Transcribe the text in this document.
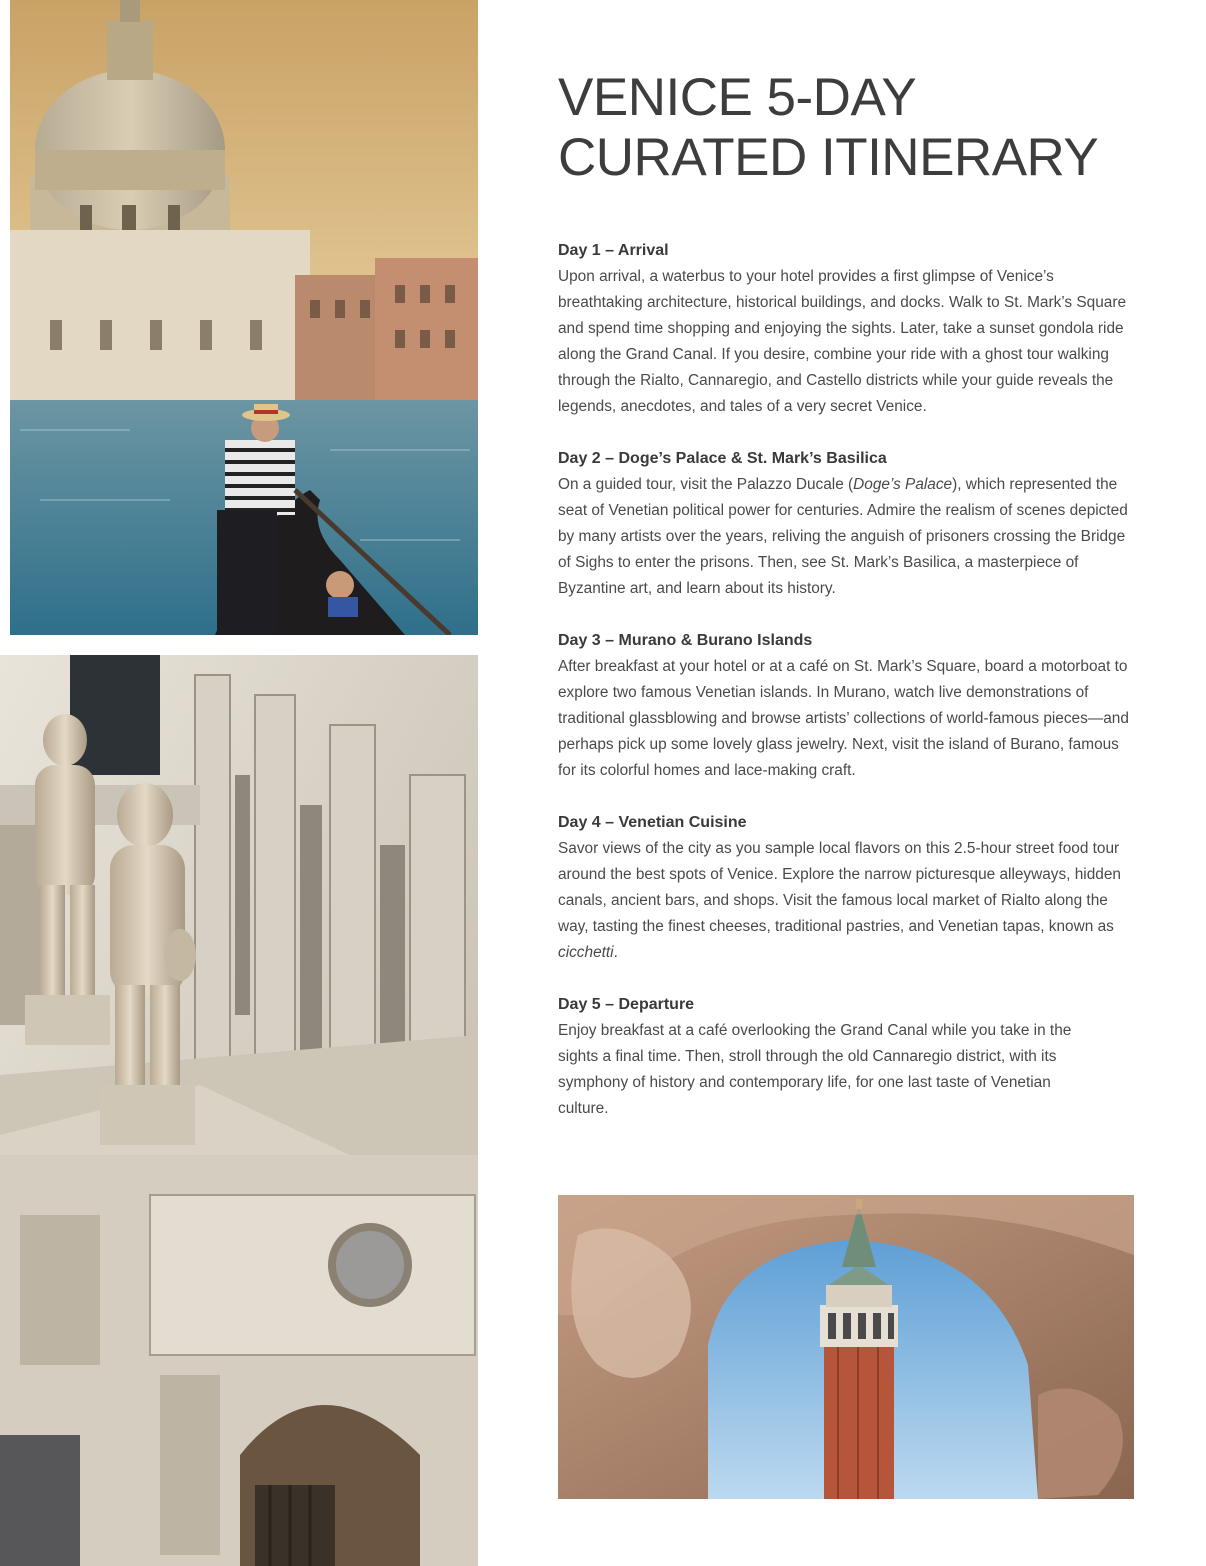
VENICE 5-DAY
CURATED ITINERARY
Day 1 – Arrival

Upon arrival, a waterbus to your hotel provides a first glimpse of Venice’s breathtaking architecture, historical buildings, and docks. Walk to St. Mark’s Square and spend time shopping and enjoying the sights. Later, take a sunset gondola ride along the Grand Canal. If you desire, combine your ride with a ghost tour walking through the Rialto, Cannaregio, and Castello districts while your guide reveals the legends, anecdotes, and tales of a very secret Venice.

Day 2 – Doge’s Palace & St. Mark’s Basilica

On a guided tour, visit the Palazzo Ducale (Doge’s Palace), which represented the seat of Venetian political power for centuries. Admire the realism of scenes depicted by many artists over the years, reliving the anguish of prisoners crossing the Bridge of Sighs to enter the prisons. Then, see St. Mark’s Basilica, a masterpiece of Byzantine art, and learn about its history.

Day 3 – Murano & Burano Islands

After breakfast at your hotel or at a café on St. Mark’s Square, board a motorboat to explore two famous Venetian islands. In Murano, watch live demonstrations of traditional glassblowing and browse artists’ collections of world-famous pieces—and perhaps pick up some lovely glass jewelry. Next, visit the island of Burano, famous for its colorful homes and lace-making craft.

Day 4 – Venetian Cuisine

Savor views of the city as you sample local flavors on this 2.5-hour street food tour around the best spots of Venice. Explore the narrow picturesque alleyways, hidden canals, ancient bars, and shops. Visit the famous local market of Rialto along the way, tasting the finest cheeses, traditional pastries, and Venetian tapas, known as cicchetti.

Day 5 – Departure

Enjoy breakfast at a café overlooking the Grand Canal while you take in the sights a final time. Then, stroll through the old Cannaregio district, with its symphony of history and contemporary life, for one last taste of Venetian culture.
